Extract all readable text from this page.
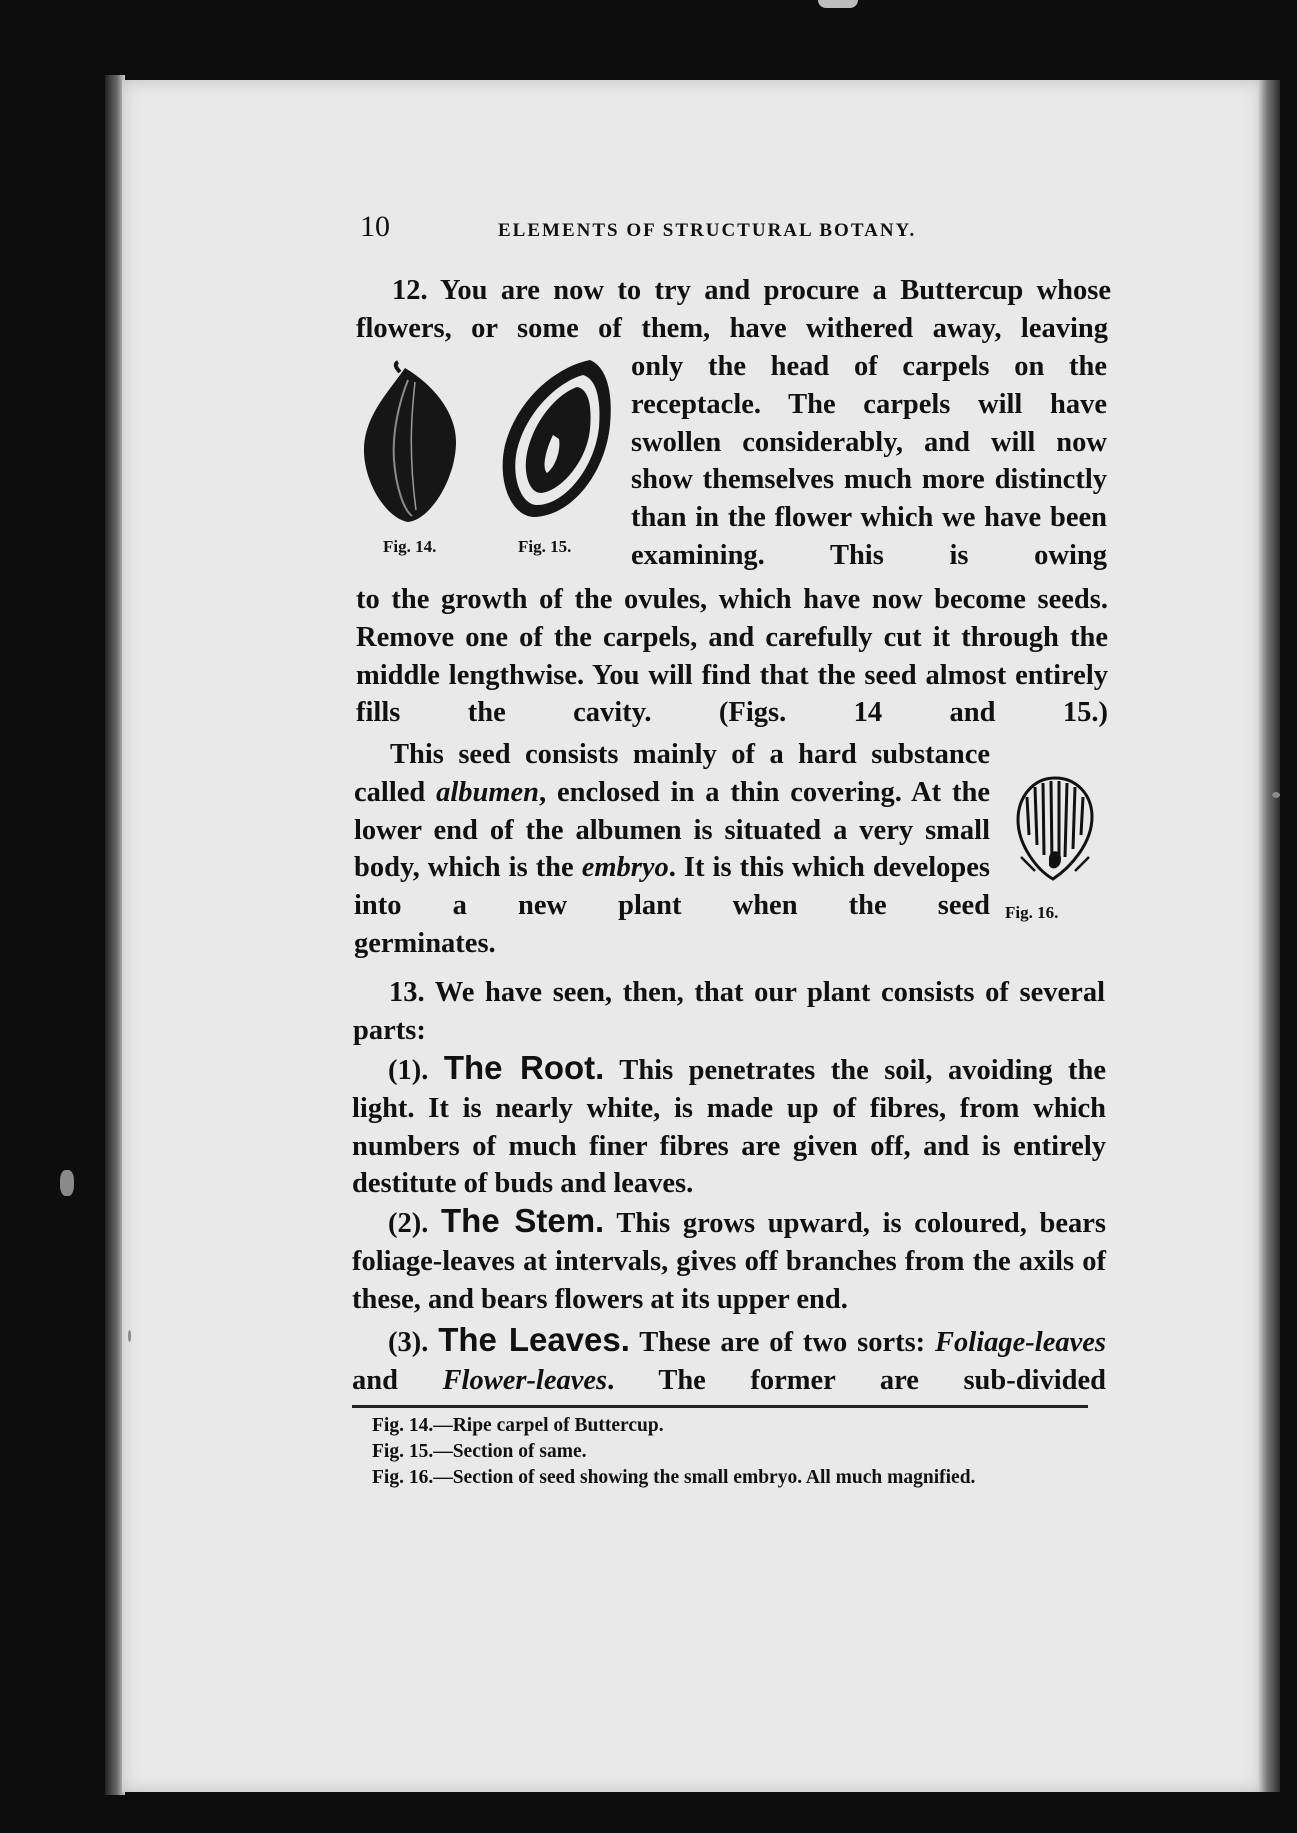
10	ELEMENTS OF STRUCTURAL BOTANY.
12. You are now to try and procure a Buttercup whose
flowers, or some of them, have withered away, leaving
Fig. 14.	Fig. 15.
only the head of carpels on the receptacle. The carpels will have swollen considerably, and will now show themselves much more distinctly than in the flower which we have been examining. This is owing
to the growth of the ovules, which have now become seeds. Remove one of the carpels, and carefully cut it through the middle lengthwise. You will find that the seed almost entirely fills the cavity. (Figs. 14 and 15.)
This seed consists mainly of a hard substance called albumen, enclosed in a thin covering. At the lower end of the albumen is situated a very small body, which is the embryo. It is this which developes into a new plant when the seed
germinates.
Fig. 16.
13. We have seen, then, that our plant consists of several parts:
(1). The Root. This penetrates the soil, avoiding the light. It is nearly white, is made up of fibres, from which numbers of much finer fibres are given off, and is entirely destitute of buds and leaves.
(2). The Stem. This grows upward, is coloured, bears foliage-leaves at intervals, gives off branches from the axils of these, and bears flowers at its upper end.
(3). The Leaves. These are of two sorts: Foliage-leaves and Flower-leaves. The former are sub-divided
Fig. 14.—Ripe carpel of Buttercup.
Fig. 15.—Section of same.
Fig. 16.—Section of seed showing the small embryo. All much magnified.
